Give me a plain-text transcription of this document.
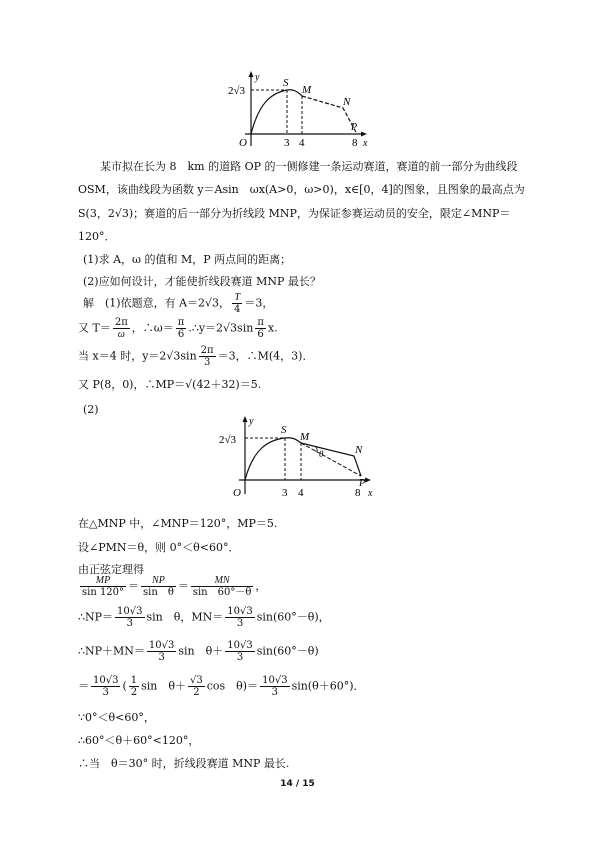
y
2√3
O
S
M
N
P
3 4	8 x
某市拟在长为 8　km 的道路 OP 的一侧修建一条运动赛道，赛道的前一部分为曲线段
OSM，该曲线段为函数 y＝Asin　ωx(A>0，ω>0)，x∈[0，4]的图象，且图象的最高点为
S(3，2√3)；赛道的后一部分为折线段 MNP，为保证参赛运动员的安全，限定∠MNP＝
120°．
(1)求 A，ω 的值和 M，P 两点间的距离；
(2)应如何设计，才能使折线段赛道 MNP 最长？
解　(1)依题意，有 A＝2√3， $\frac{T}{4} =3$，
又 $T= \frac{2\pi}{\omega}$ ，∴ω＝ $\frac{\pi}{6}$ .∴y＝2√3sin $\frac{\pi}{6} x$.
当 x＝4 时，$y=2√3\sin \frac{2\pi}{3} =3$，∴M(4，3)．
又 P(8，0)，∴MP＝√(42＋32)＝5.
(2)
θ
y
2√3
O
S
M
N
P
3 4	8 x
在△MNP 中，∠MNP＝120°，MP＝5.
设∠PMN＝θ，则 0°＜θ<60°．
由正弦定理得
$\frac{MP}{\sin 120^\circ} = \frac{NP}{\text{sin　θ}} = \frac{MN}{\sin 60^\circ-\theta}$ ，
∴NP＝ $\frac{10√3}{3}$ sin　θ，$MN= \frac{10√3}{3} \sin(60^\circ-\theta)$，
∴NP＋MN＝ $\frac{10√3}{3}$ sin　$\theta+ \frac{10√3}{3} \sin(60^\circ-\theta)$
＝ $\frac{10√3}{3}$ ( $\frac{1}{2}$ sin　$\theta+ \frac{√3}{2}$ cos　$\theta)= \frac{10√3}{3} \sin(\theta+60^\circ)$．
∵0°＜θ<60°，
∴60°＜θ＋60°<120°，
∴当　θ＝30° 时，折线段赛道 MNP 最长.
14 / 15
